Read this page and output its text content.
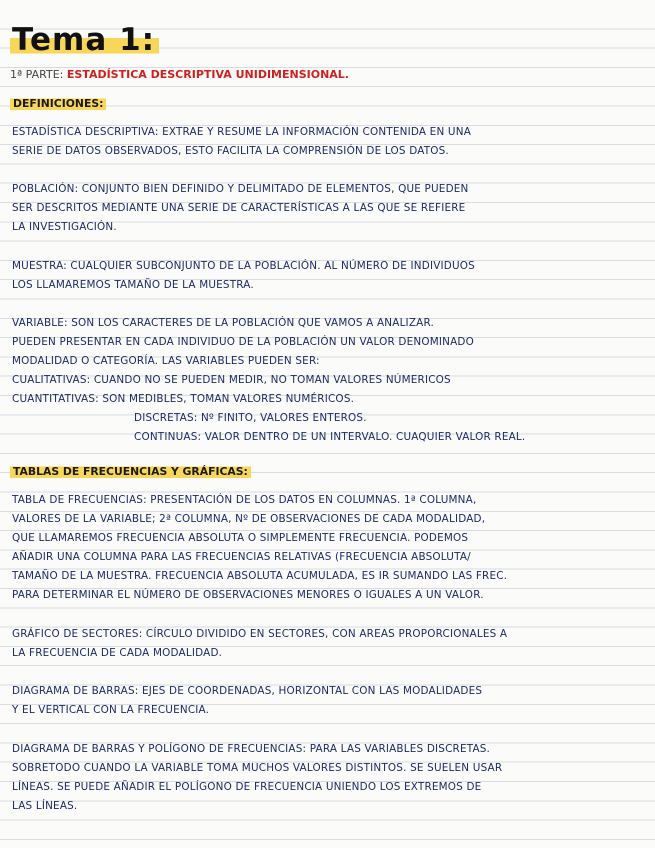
Tema 1:
1ª PARTE: ESTADÍSTICA DESCRIPTIVA UNIDIMENSIONAL.
DEFINICIONES:
ESTADÍSTICA DESCRIPTIVA: EXTRAE Y RESUME LA INFORMACIÓN CONTENIDA EN UNA
SERIE DE DATOS OBSERVADOS, ESTO FACILITA LA COMPRENSIÓN DE LOS DATOS.
POBLACIÓN: CONJUNTO BIEN DEFINIDO Y DELIMITADO DE ELEMENTOS, QUE PUEDEN
SER DESCRITOS MEDIANTE UNA SERIE DE CARACTERÍSTICAS A LAS QUE SE REFIERE
LA INVESTIGACIÓN.
MUESTRA: CUALQUIER SUBCONJUNTO DE LA POBLACIÓN. AL NÚMERO DE INDIVIDUOS
LOS LLAMAREMOS TAMAÑO DE LA MUESTRA.
VARIABLE: SON LOS CARACTERES DE LA POBLACIÓN QUE VAMOS A ANALIZAR.
PUEDEN PRESENTAR EN CADA INDIVIDUO DE LA POBLACIÓN UN VALOR DENOMINADO
MODALIDAD O CATEGORÍA. LAS VARIABLES PUEDEN SER:
CUALITATIVAS: CUANDO NO SE PUEDEN MEDIR, NO TOMAN VALORES NÚMERICOS
CUANTITATIVAS: SON MEDIBLES, TOMAN VALORES NUMÉRICOS.
DISCRETAS: Nº FINITO, VALORES ENTEROS.
CONTINUAS: VALOR DENTRO DE UN INTERVALO. CUAQUIER VALOR REAL.
TABLAS DE FRECUENCIAS Y GRÁFICAS:
TABLA DE FRECUENCIAS: PRESENTACIÓN DE LOS DATOS EN COLUMNAS. 1ª COLUMNA,
VALORES DE LA VARIABLE; 2ª COLUMNA, Nº DE OBSERVACIONES DE CADA MODALIDAD,
QUE LLAMAREMOS FRECUENCIA ABSOLUTA O SIMPLEMENTE FRECUENCIA. PODEMOS
AÑADIR UNA COLUMNA PARA LAS FRECUENCIAS RELATIVAS (FRECUENCIA ABSOLUTA/
TAMAÑO DE LA MUESTRA. FRECUENCIA ABSOLUTA ACUMULADA, ES IR SUMANDO LAS FREC.
PARA DETERMINAR EL NÚMERO DE OBSERVACIONES MENORES O IGUALES A UN VALOR.
GRÁFICO DE SECTORES: CÍRCULO DIVIDIDO EN SECTORES, CON AREAS PROPORCIONALES A
LA FRECUENCIA DE CADA MODALIDAD.
DIAGRAMA DE BARRAS: EJES DE COORDENADAS, HORIZONTAL CON LAS MODALIDADES
Y EL VERTICAL CON LA FRECUENCIA.
DIAGRAMA DE BARRAS Y POLÍGONO DE FRECUENCIAS: PARA LAS VARIABLES DISCRETAS.
SOBRETODO CUANDO LA VARIABLE TOMA MUCHOS VALORES DISTINTOS. SE SUELEN USAR
LÍNEAS. SE PUEDE AÑADIR EL POLÍGONO DE FRECUENCIA UNIENDO LOS EXTREMOS DE
LAS LÍNEAS.
